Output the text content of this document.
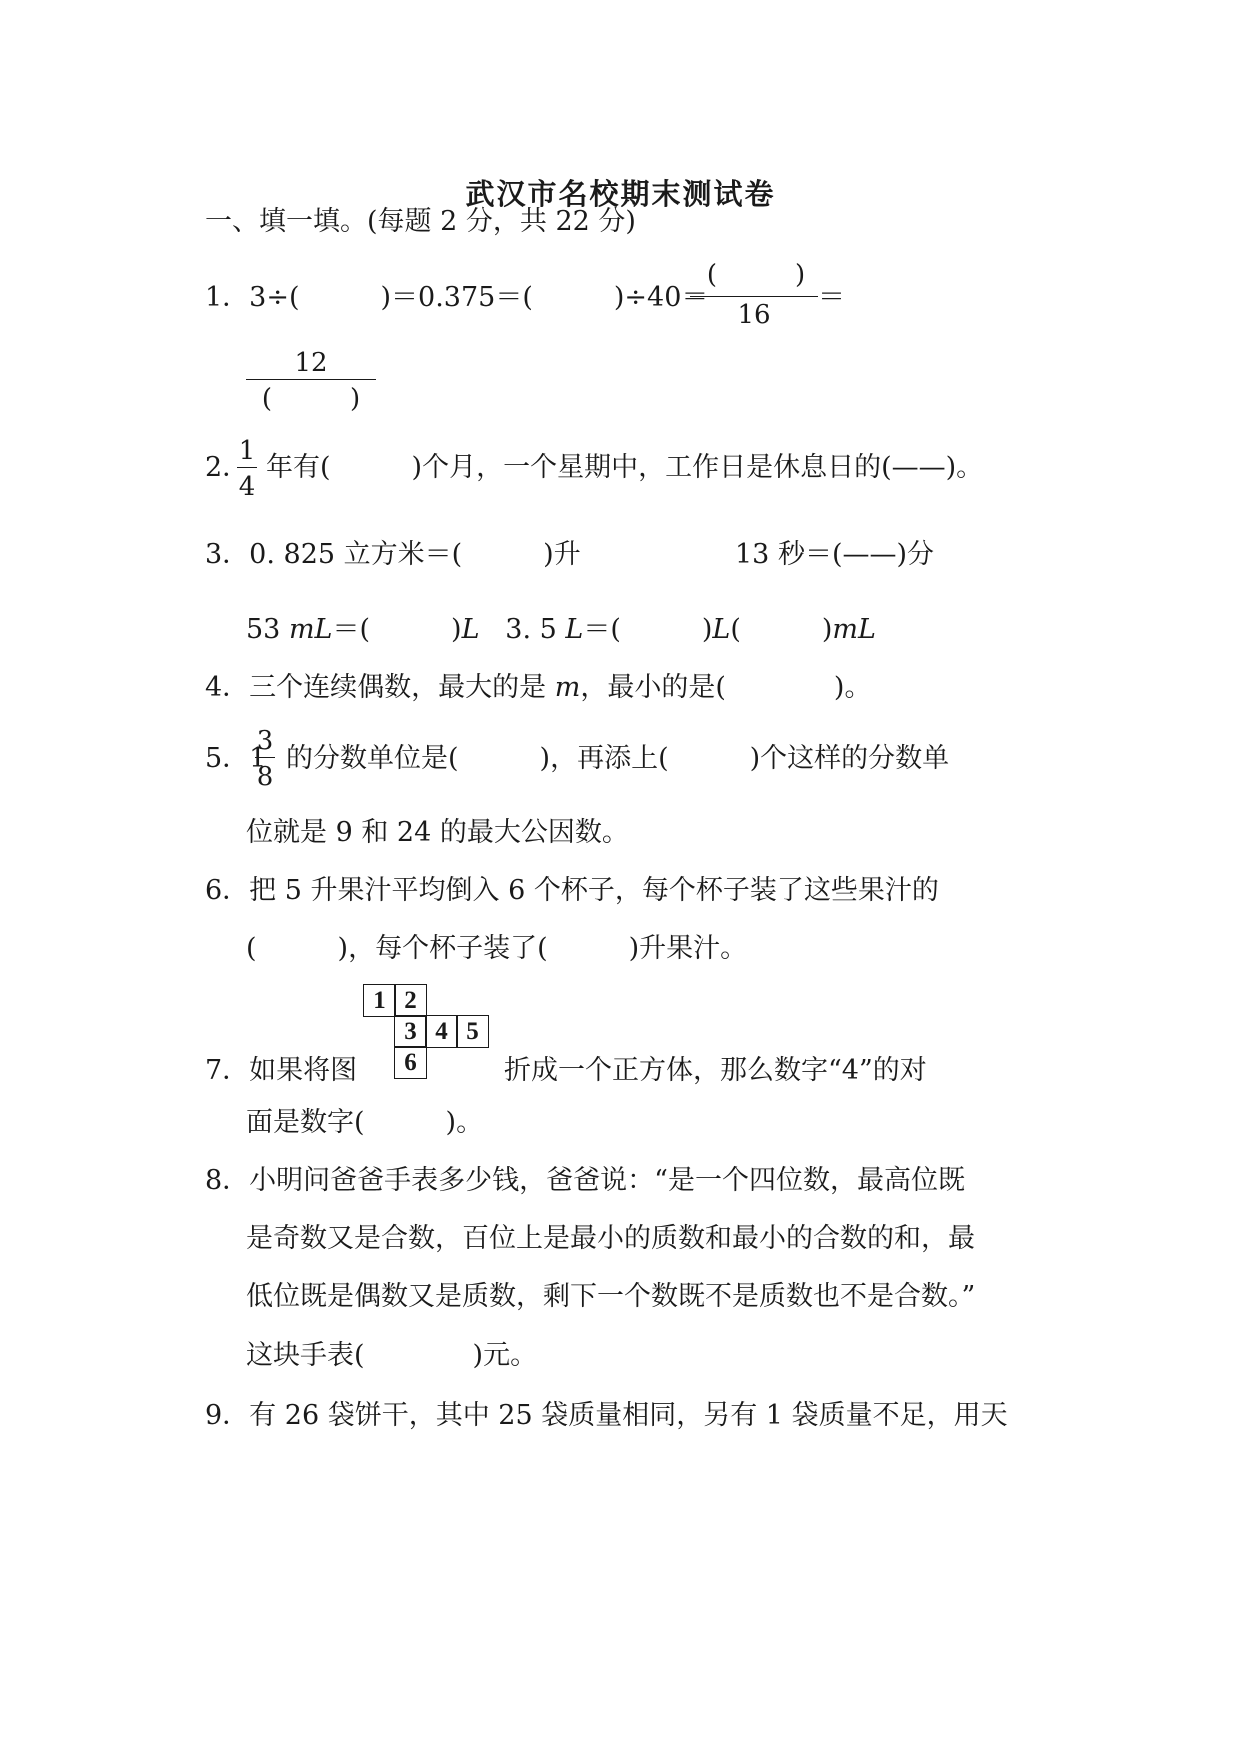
武汉市名校期末测试卷
一、填一填。(每题 2 分，共 22 分)
1．3÷(　　　)＝0.375＝(　　　)÷40＝
(　　　)
16
＝
12
(　　　)
2．
1
4
年有(　　　)个月，一个星期中，工作日是休息日的(——)。
3．0. 825 立方米＝(　　　)升	13 秒＝(——)分
53 mL＝(　　　)L 3. 5 L＝(　　　)L(　　　)mL
4．三个连续偶数，最大的是 m，最小的是(　　　　)。
5．1
3
8
的分数单位是(　　　)，再添上(　　　)个这样的分数单
位就是 9 和 24 的最大公因数。
6．把 5 升果汁平均倒入 6 个杯子，每个杯子装了这些果汁的
(　　　)，每个杯子装了(　　　)升果汁。
1 2
3 4 5
6
7．如果将图	折成一个正方体，那么数字“4”的对
面是数字(　　　)。
8．小明问爸爸手表多少钱，爸爸说：“是一个四位数，最高位既
是奇数又是合数，百位上是最小的质数和最小的合数的和，最
低位既是偶数又是质数，剩下一个数既不是质数也不是合数。”
这块手表(　　　　)元。
9．有 26 袋饼干，其中 25 袋质量相同，另有 1 袋质量不足，用天
